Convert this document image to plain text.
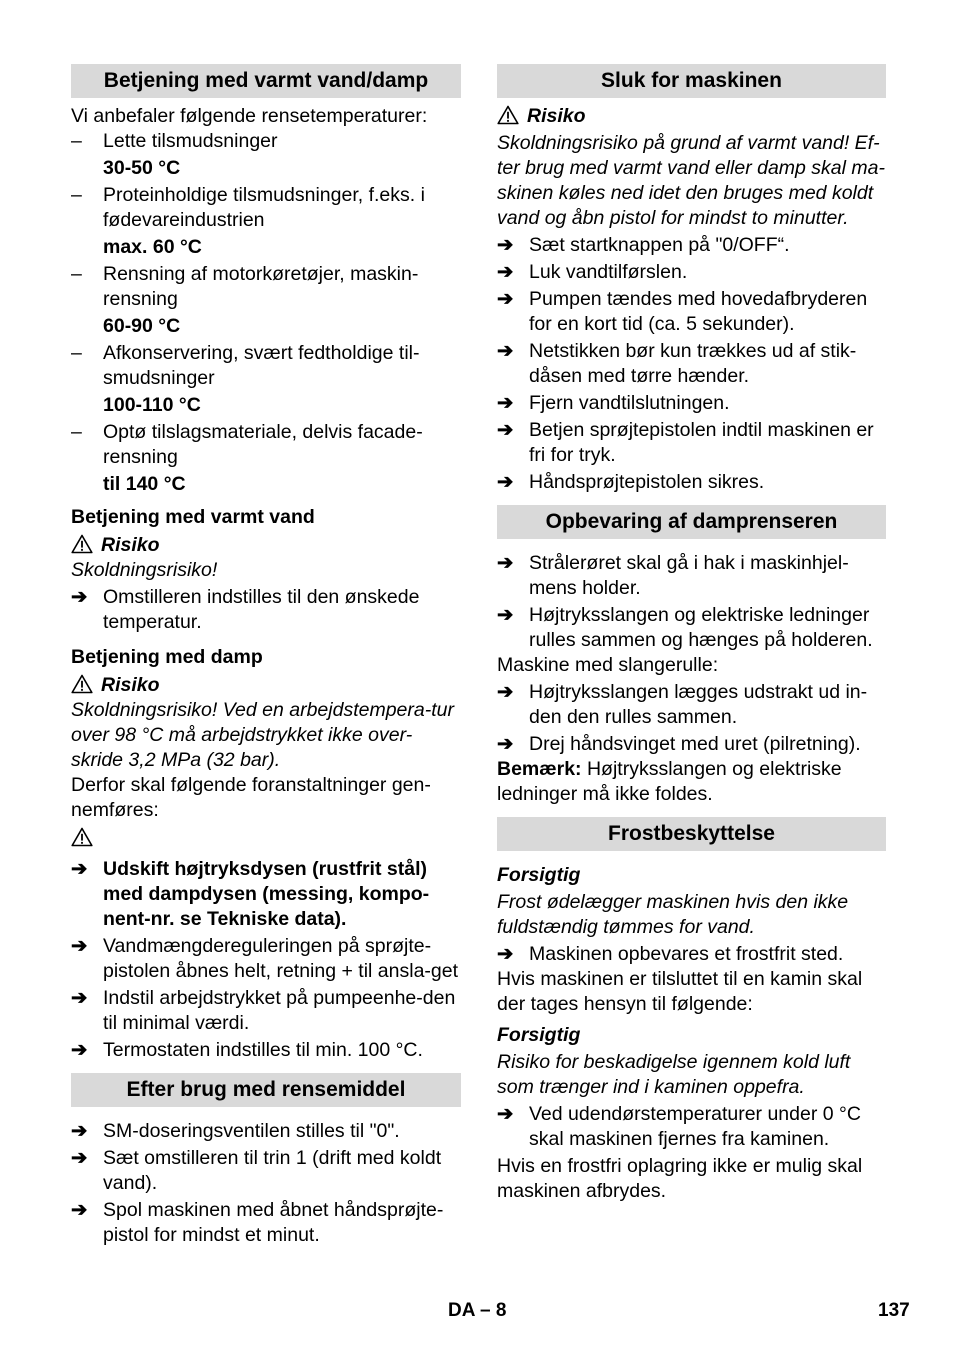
Betjening med varmt vand/damp

Vi anbefaler følgende rensetemperaturer:

– Lette tilsmudsninger
30-50 °C
– Proteinholdige tilsmudsninger, f.eks. i fødevareindustrien
max. 60 °C
– Rensning af motorkøretøjer, maskin-rensning
60-90 °C
– Afkonservering, svært fedtholdige til-smudsninger
100-110 °C
– Optø tilslagsmateriale, delvis facade-rensning
til 140 °C

Betjening med varmt vand

Risiko

Skoldningsrisiko!

➔ Omstilleren indstilles til den ønskede temperatur.

Betjening med damp

Risiko

Skoldningsrisiko! Ved en arbejdstempera-tur over 98 °C må arbejdstrykket ikke over-skride 3,2 MPa (32 bar).

Derfor skal følgende foranstaltninger gen-nemføres:

➔ Udskift højtryksdysen (rustfrit stål) med dampdysen (messing, kompo-nent-nr. se Tekniske data).
➔ Vandmængdereguleringen på sprøjte-pistolen åbnes helt, retning + til ansla-get
➔ Indstil arbejdstrykket på pumpeenhe-den til minimal værdi.
➔ Termostaten indstilles til min. 100 °C.
Efter brug med rensemiddel
➔ SM-doseringsventilen stilles til "0".
➔ Sæt omstilleren til trin 1 (drift med koldt vand).
➔ Spol maskinen med åbnet håndsprøjte-pistol for mindst et minut.
Sluk for maskinen

Risiko

Skoldningsrisiko på grund af varmt vand! Ef-ter brug med varmt vand eller damp skal ma-skinen køles ned idet den bruges med koldt vand og åbn pistol for mindst to minutter.

➔ Sæt startknappen på "0/OFF“.
➔ Luk vandtilførslen.
➔ Pumpen tændes med hovedafbryderen for en kort tid (ca. 5 sekunder).
➔ Netstikken bør kun trækkes ud af stik-dåsen med tørre hænder.
➔ Fjern vandtilslutningen.
➔ Betjen sprøjtepistolen indtil maskinen er fri for tryk.
➔ Håndsprøjtepistolen sikres.
Opbevaring af damprenseren
➔ Strålerøret skal gå i hak i maskinhjel-mens holder.
➔ Højtryksslangen og elektriske ledninger rulles sammen og hænges på holderen.

Maskine med slangerulle:

➔ Højtryksslangen lægges udstrakt ud in-den den rulles sammen.
➔ Drej håndsvinget med uret (pilretning).

Bemærk: Højtryksslangen og elektriske ledninger må ikke foldes.

Frostbeskyttelse

Forsigtig

Frost ødelægger maskinen hvis den ikke fuldstændig tømmes for vand.

➔ Maskinen opbevares et frostfrit sted.

Hvis maskinen er tilsluttet til en kamin skal der tages hensyn til følgende:

Forsigtig

Risiko for beskadigelse igennem kold luft som trænger ind i kaminen oppefra.

➔ Ved udendørstemperaturer under 0 °C skal maskinen fjernes fra kaminen.

Hvis en frostfri oplagring ikke er mulig skal maskinen afbrydes.

DA – 8	137
